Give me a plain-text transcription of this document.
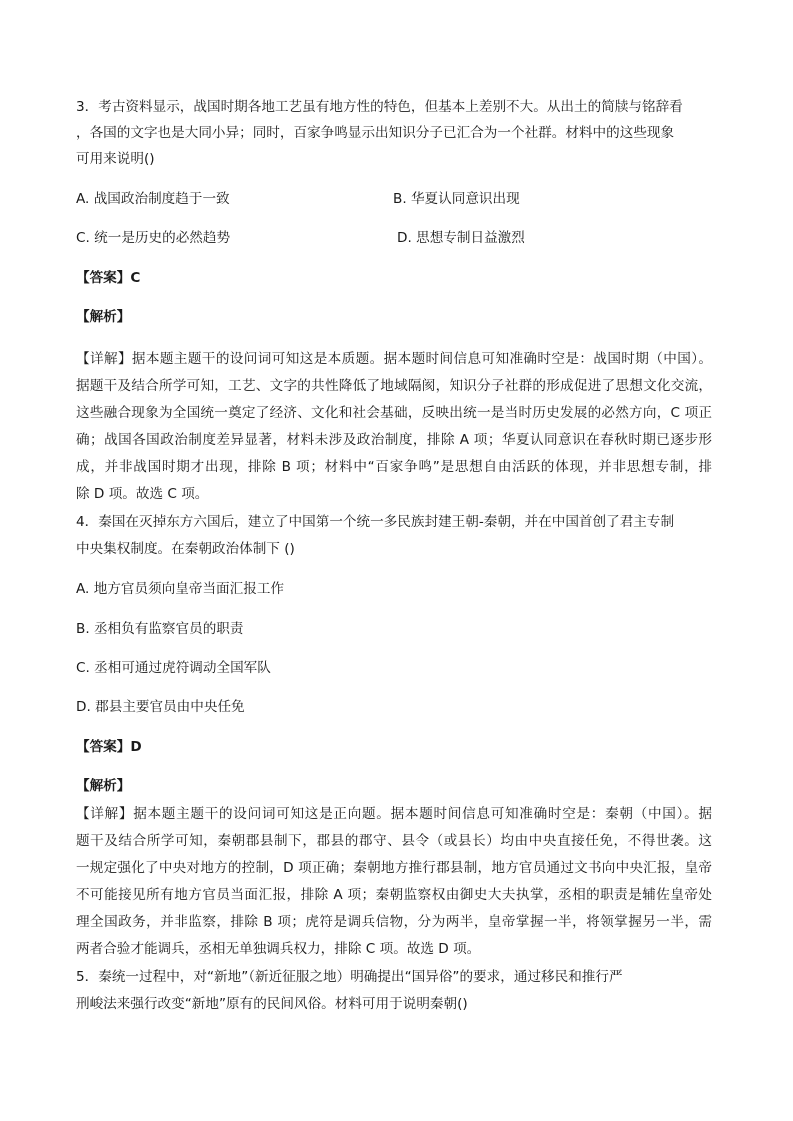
3．考古资料显示，战国时期各地工艺虽有地方性的特色，但基本上差别不大。从出土的简牍与铭辞看
，各国的文字也是大同小异；同时，百家争鸣显示出知识分子已汇合为一个社群。材料中的这些现象
可用来说明()
A. 战国政治制度趋于一致	B. 华夏认同意识出现
C. 统一是历史的必然趋势	D. 思想专制日益激烈
【答案】C
【解析】
【详解】据本题主题干的设问词可知这是本质题。据本题时间信息可知准确时空是：战国时期（中国）。
据题干及结合所学可知，工艺、文字的共性降低了地域隔阂，知识分子社群的形成促进了思想文化交流，
这些融合现象为全国统一奠定了经济、文化和社会基础，反映出统一是当时历史发展的必然方向，C 项正
确；战国各国政治制度差异显著，材料未涉及政治制度，排除 A 项；华夏认同意识在春秋时期已逐步形
成，并非战国时期才出现，排除 B 项；材料中“百家争鸣”是思想自由活跃的体现，并非思想专制，排
除 D 项。故选 C 项。
4．秦国在灭掉东方六国后，建立了中国第一个统一多民族封建王朝-秦朝，并在中国首创了君主专制
中央集权制度。在秦朝政治体制下 ()
A. 地方官员须向皇帝当面汇报工作
B. 丞相负有监察官员的职责
C. 丞相可通过虎符调动全国军队
D. 郡县主要官员由中央任免
【答案】D
【解析】
【详解】据本题主题干的设问词可知这是正向题。据本题时间信息可知准确时空是：秦朝（中国）。据
题干及结合所学可知，秦朝郡县制下，郡县的郡守、县令（或县长）均由中央直接任免，不得世袭。这
一规定强化了中央对地方的控制，D 项正确；秦朝地方推行郡县制，地方官员通过文书向中央汇报，皇帝
不可能接见所有地方官员当面汇报，排除 A 项；秦朝监察权由御史大夫执掌，丞相的职责是辅佐皇帝处
理全国政务，并非监察，排除 B 项；虎符是调兵信物，分为两半，皇帝掌握一半，将领掌握另一半，需
两者合验才能调兵，丞相无单独调兵权力，排除 C 项。故选 D 项。
5．秦统一过程中，对“新地”（新近征服之地）明确提出“国异俗”的要求，通过移民和推行严
刑峻法来强行改变“新地”原有的民间风俗。材料可用于说明秦朝()
